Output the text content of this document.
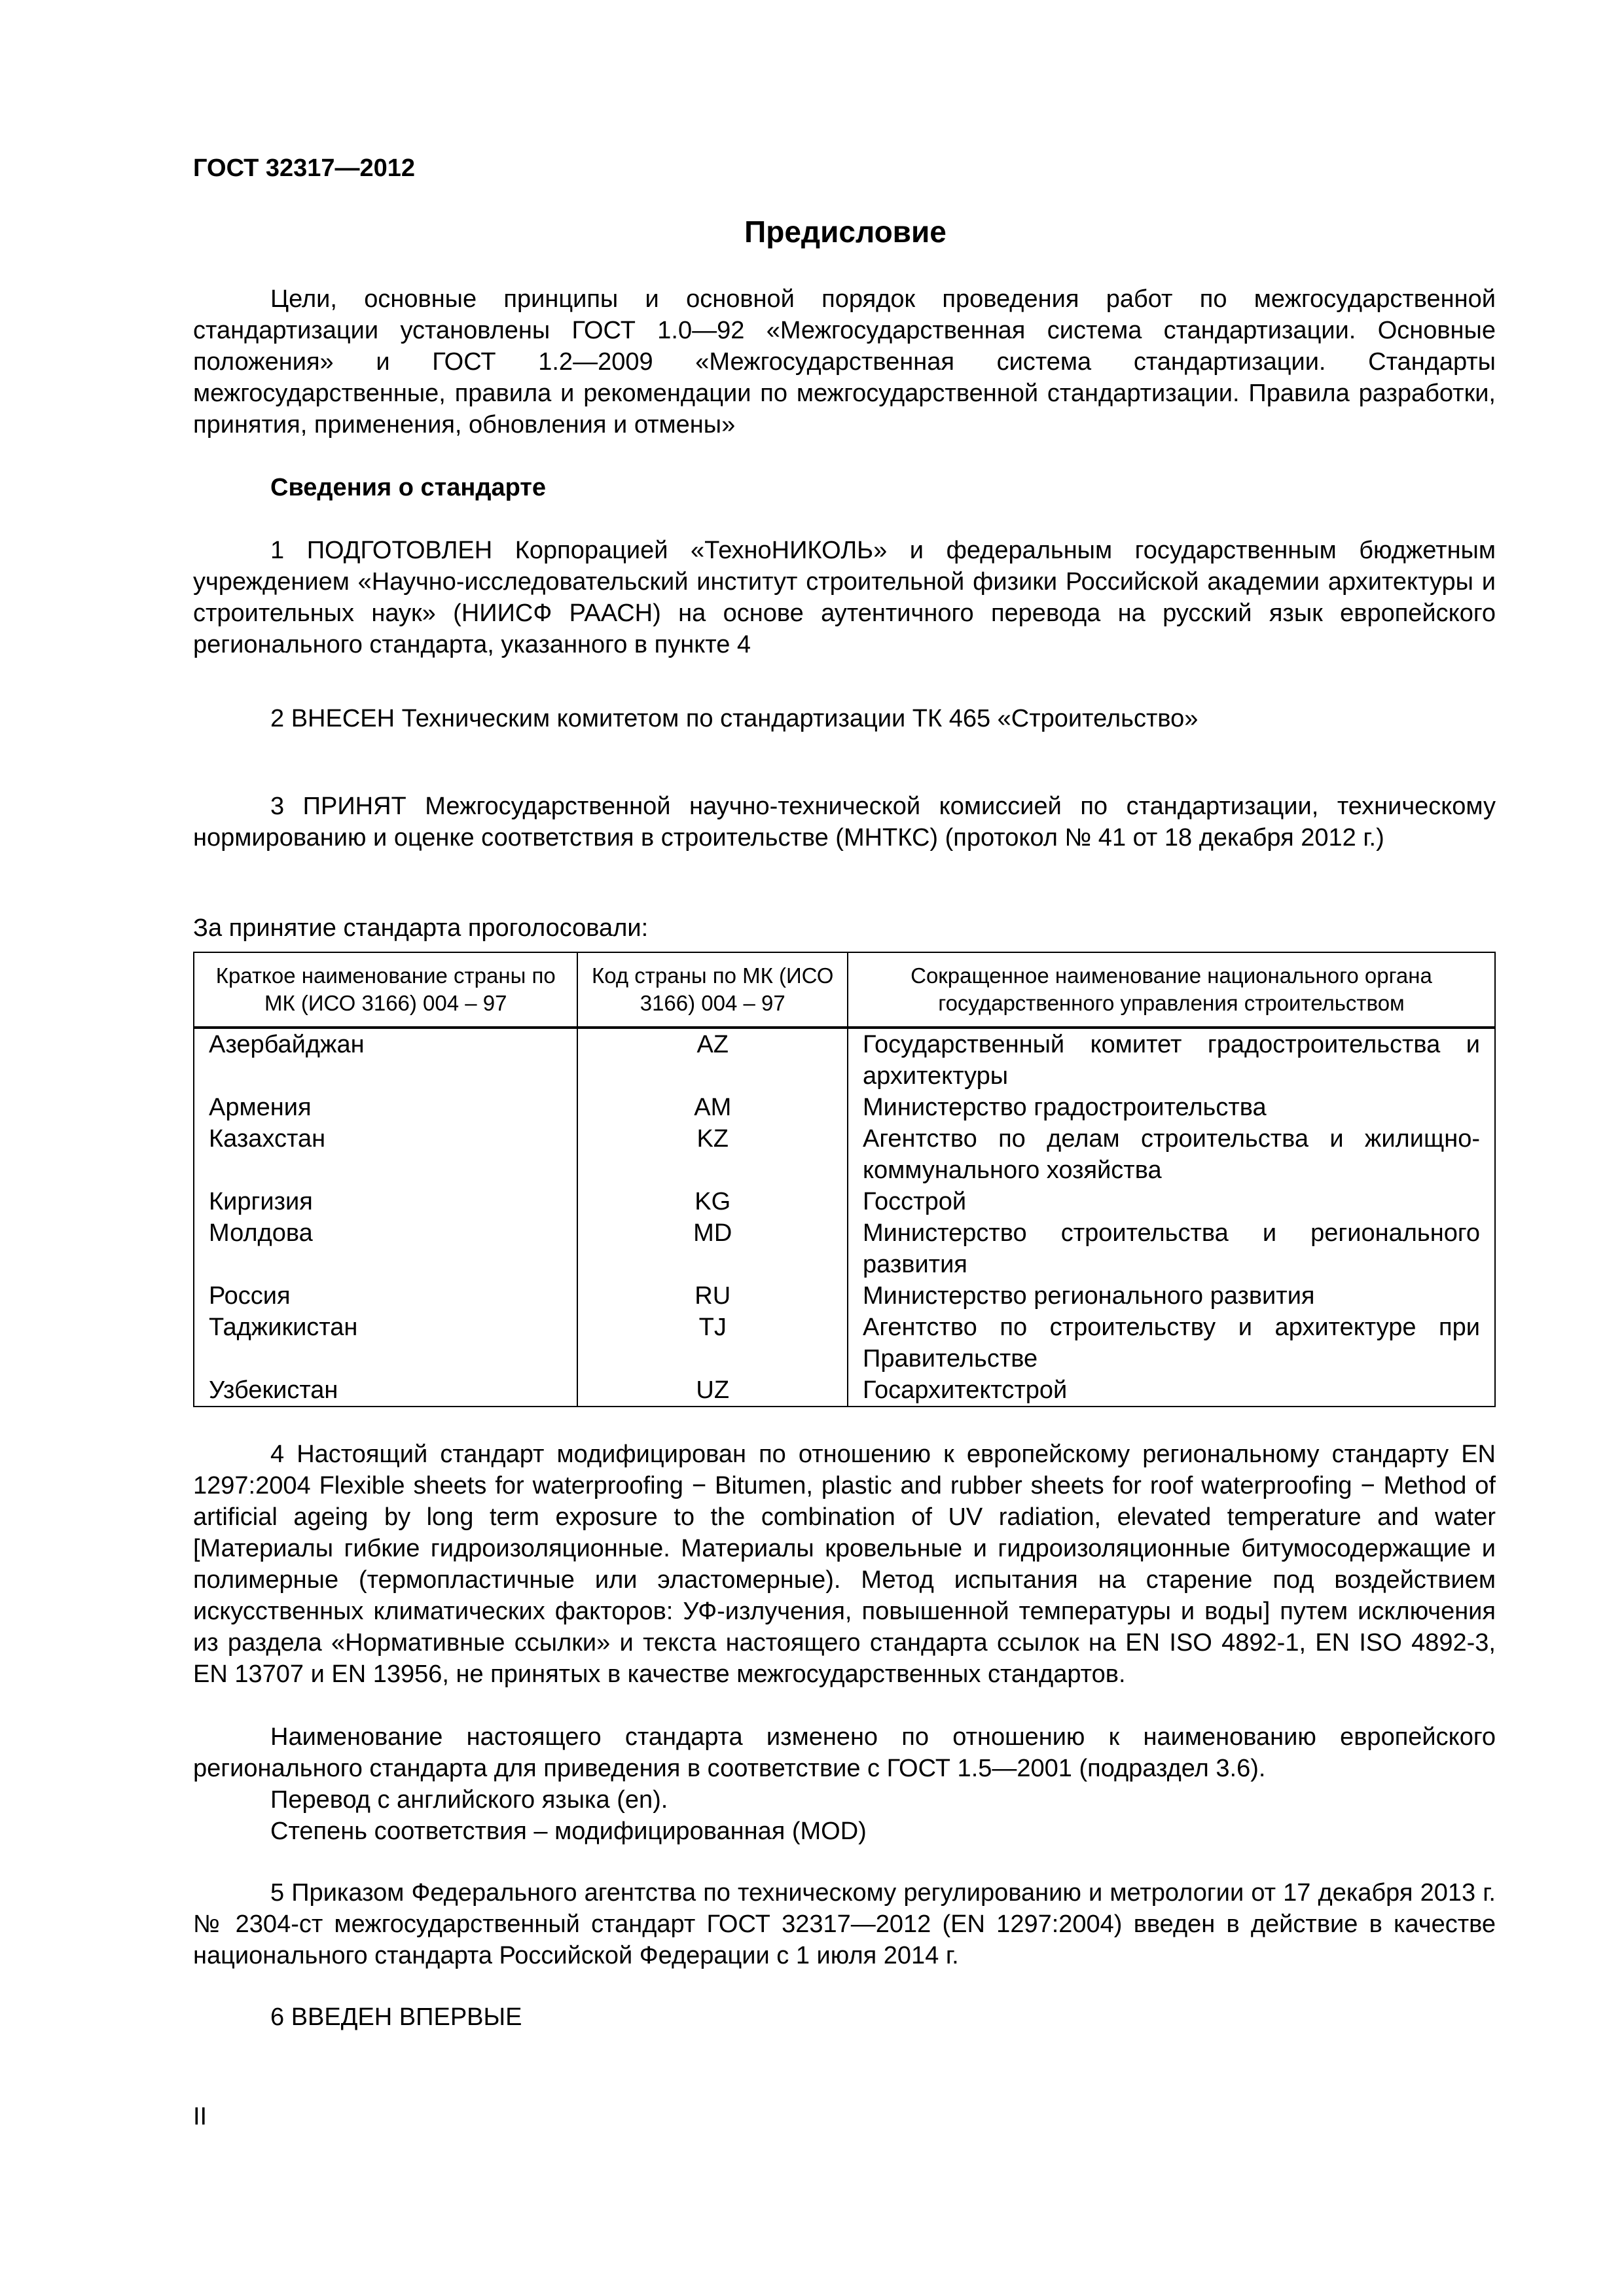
ГОСТ 32317—2012
Предисловие

Цели, основные принципы и основной порядок проведения работ по межгосударственной стандартизации установлены ГОСТ 1.0—92 «Межгосударственная система стандартизации. Основные положения» и ГОСТ 1.2—2009 «Межгосударственная система стандартизации. Стандарты межгосударственные, правила и рекомендации по межгосударственной стандартизации. Правила разработки, принятия, применения, обновления и отмены»

Сведения о стандарте

1 ПОДГОТОВЛЕН Корпорацией «ТехноНИКОЛЬ» и федеральным государственным бюджетным учреждением «Научно-исследовательский институт строительной физики Российской академии архитектуры и строительных наук» (НИИСФ РААСН) на основе аутентичного перевода на русский язык европейского регионального стандарта, указанного в пункте 4

2 ВНЕСЕН Техническим комитетом по стандартизации ТК 465 «Строительство»

3 ПРИНЯТ Межгосударственной научно-технической комиссией по стандартизации, техническому нормированию и оценке соответствия в строительстве (МНТКС) (протокол № 41 от 18 декабря 2012 г.)

За принятие стандарта проголосовали:

Краткое наименование страны по МК (ИСО 3166) 004 – 97	Код страны по МК (ИСО 3166) 004 – 97	Сокращенное наименование национального органа государственного управления строительством
Азербайджан	AZ	Государственный комитет градостроительства и архитектуры
Армения	AM	Министерство градостроительства
Казахстан	KZ	Агентство по делам строительства и жилищно-коммунального хозяйства
Киргизия	KG	Госстрой
Молдова	MD	Министерство строительства и регионального развития
Россия	RU	Министерство регионального развития
Таджикистан	TJ	Агентство по строительству и архитектуре при Правительстве
Узбекистан	UZ	Госархитектстрой

4 Настоящий стандарт модифицирован по отношению к европейскому региональному стандарту EN 1297:2004 Flexible sheets for waterproofing − Bitumen, plastic and rubber sheets for roof waterproofing − Method of artificial ageing by long term exposure to the combination of UV radiation, elevated temperature and water [Материалы гибкие гидроизоляционные. Материалы кровельные и гидроизоляционные битумосодержащие и полимерные (термопластичные или эластомерные). Метод испытания на старение под воздействием искусственных климатических факторов: УФ-излучения, повышенной температуры и воды] путем исключения из раздела «Нормативные ссылки» и текста настоящего стандарта ссылок на EN ISO 4892-1, EN ISO 4892-3, EN 13707 и EN 13956, не принятых в качестве межгосударственных стандартов.

Наименование настоящего стандарта изменено по отношению к наименованию европейского регионального стандарта для приведения в соответствие с ГОСТ 1.5—2001 (подраздел 3.6).

Перевод с английского языка (en).

Степень соответствия – модифицированная (MOD)

5 Приказом Федерального агентства по техническому регулированию и метрологии от 17 декабря 2013 г. № 2304-ст межгосударственный стандарт ГОСТ 32317—2012 (EN 1297:2004) введен в действие в качестве национального стандарта Российской Федерации с 1 июля 2014 г.

6 ВВЕДЕН ВПЕРВЫЕ

II
